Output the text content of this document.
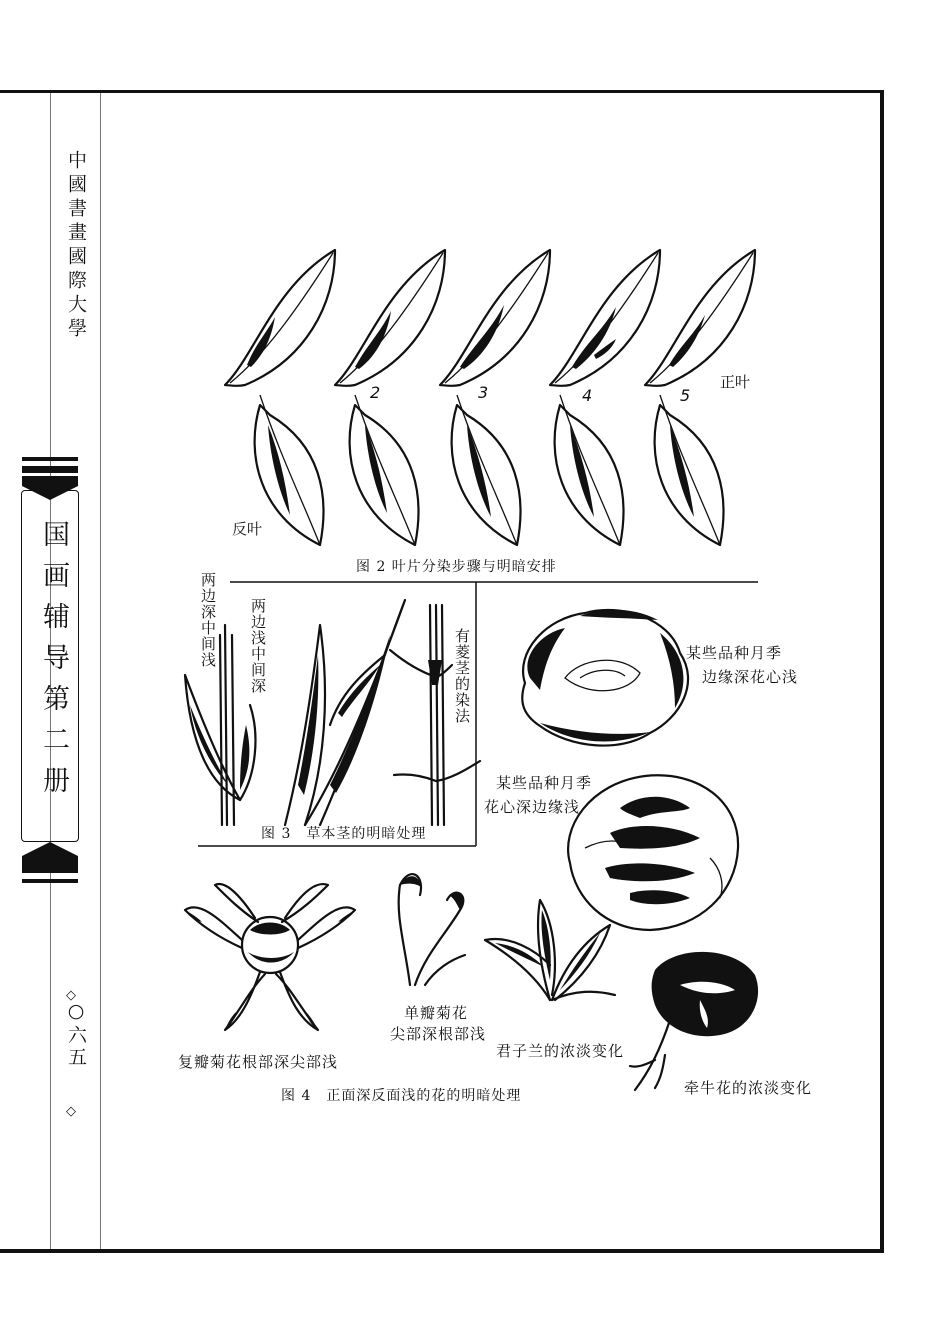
中國書畫國際大學
国画辅导第二册
◇
○六五
◇
2	3	4	5
正叶
反叶
图 2 叶片分染步骤与明暗安排
两边深中间浅 两边浅中间深	有菱茎的染法
图 3　草本茎的明暗处理
某些品种月季
边缘深花心浅
某些品种月季
花心深边缘浅
单瓣菊花
尖部深根部浅
复瓣菊花根部深尖部浅
君子兰的浓淡变化
牵牛花的浓淡变化
图 4　正面深反面浅的花的明暗处理
